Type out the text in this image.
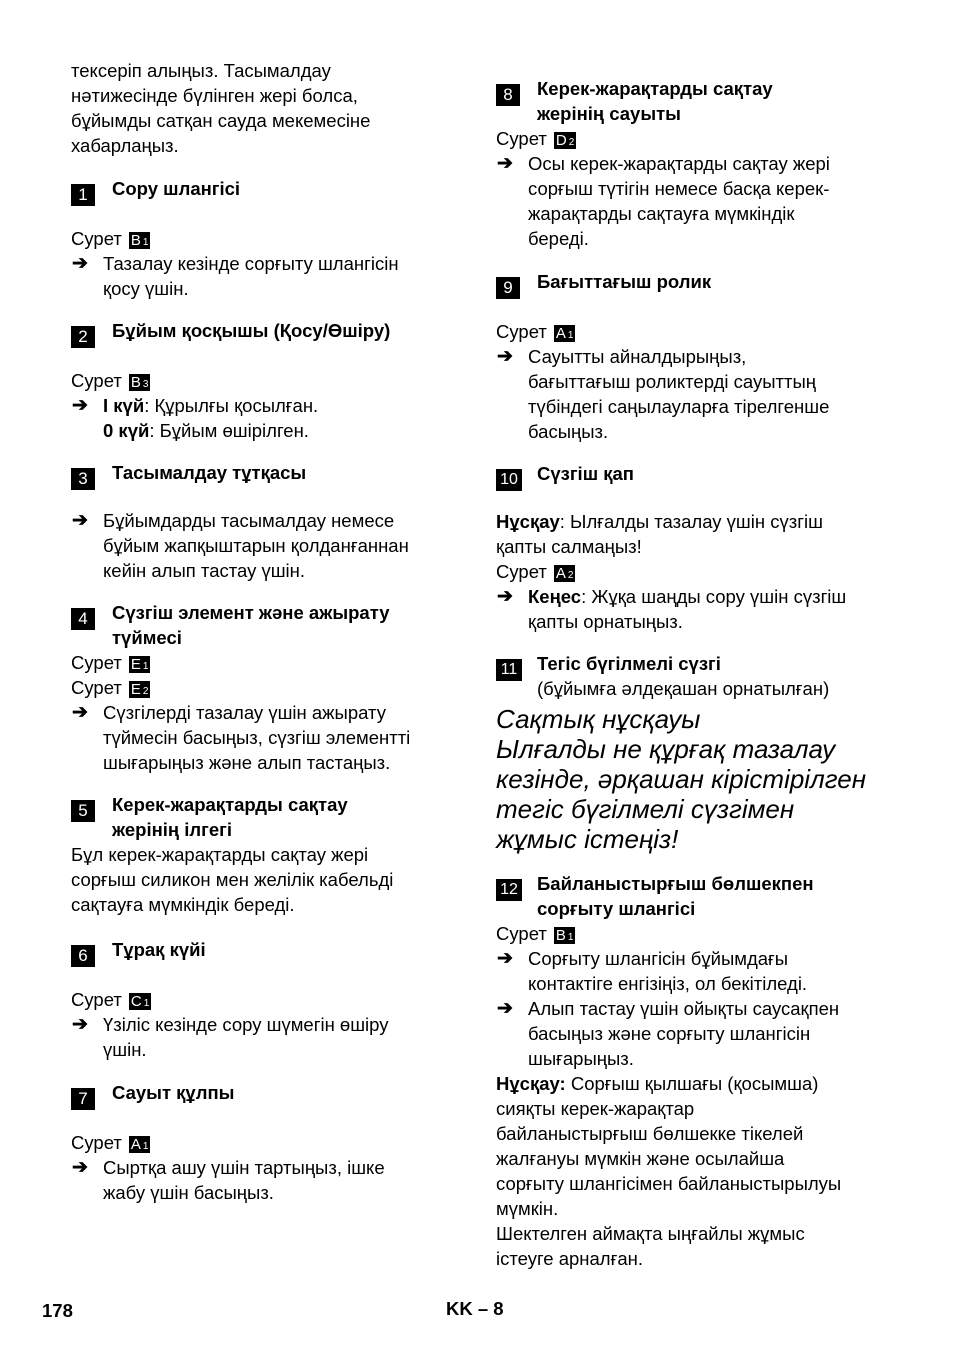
тексеріп алыңыз. Тасымалдау

нәтижесінде бүлінген жері болса,

бұйымды сатқан сауда мекемесіне

хабарлаңыз.

1	Сору шлангісі

Сурет B 1

➔ Тазалау кезінде сорғыту шлангісін

қосу үшін.

2	Бұйым қосқышы (Қосу/Өшіру)

Сурет B 3

➔ I күй: Құрылғы қосылған.

0 күй: Бұйым өшірілген.

3	Тасымалдау тұтқасы
➔ Бұйымдарды тасымалдау немесе

бұйым жапқыштарын қолданғаннан

кейін алып тастау үшін.

4	Сүзгіш элемент және ажырату

түймесі

Сурет E 1

Сурет E 2

➔ Сүзгілерді тазалау үшін ажырату

түймесін басыңыз, сүзгіш элементті

шығарыңыз және алып тастаңыз.

5	Керек-жарақтарды сақтау

жерінің ілгегі

Бұл керек-жарақтарды сақтау жері

сорғыш силикон мен желілік кабельді

сақтауға мүмкіндік береді.

6	Тұрақ күйі

Сурет C 1

➔ Үзіліс кезінде сору шүмегін өшіру

үшін.

7	Сауыт құлпы

Сурет A 1

➔ Сыртқа ашу үшін тартыңыз, ішке

жабу үшін басыңыз.

8	Керек-жарақтарды сақтау

жерінің сауыты

Сурет D 2

➔ Осы керек-жарақтарды сақтау жері

сорғыш түтігін немесе басқа керек-

жарақтарды сақтауға мүмкіндік

береді.

9	Бағыттағыш ролик

Сурет A 1

➔ Сауытты айналдырыңыз,

бағыттағыш роликтерді сауыттың

түбіндегі саңылауларға тірелгенше

басыңыз.

10 Сүзгіш қап

Нұсқау: Ылғалды тазалау үшін сүзгіш

қапты салмаңыз!

Сурет A 2

➔ Кеңес: Жұқа шаңды сору үшін сүзгіш

қапты орнатыңыз.

11 Тегіс бүгілмелі сүзгі

(бұйымға әлдеқашан орнатылған)

Сақтық нұсқауы

Ылғалды не құрғақ тазалау

кезінде, әрқашан кірістірілген

тегіс бүгілмелі сүзгімен

жұмыс істеңіз!

12 Байланыстырғыш бөлшекпен

сорғыту шлангісі

Сурет B 1

➔ Сорғыту шлангісін бұйымдағы

контактіге енгізіңіз, ол бекітіледі.

➔ Алып тастау үшін ойықты саусақпен

басыңыз және сорғыту шлангісін

шығарыңыз.

Нұсқау: Сорғыш қылшағы (қосымша)

сияқты керек-жарақтар

байланыстырғыш бөлшекке тікелей

жалғануы мүмкін және осылайша

сорғыту шлангісімен байланыстырылуы

мүмкін.

Шектелген аймақта ыңғайлы жұмыс

істеуге арналған.

178	KK – 8
